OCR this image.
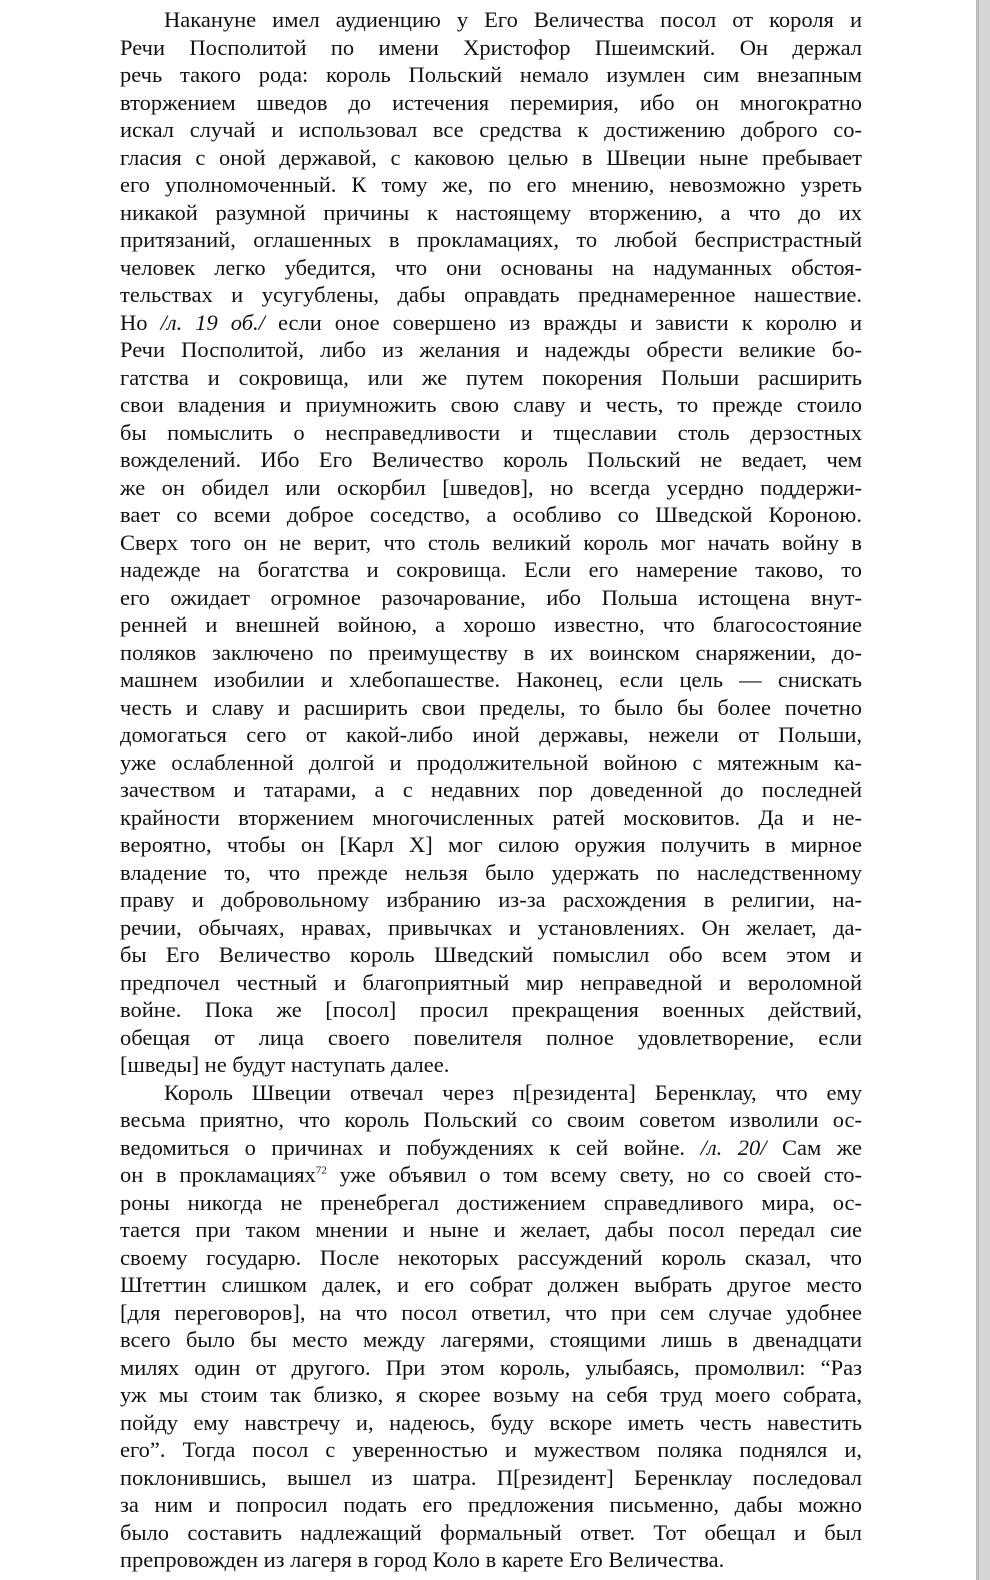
Накануне имел аудиенцию у Его Величества посол от короля и
Речи Посполитой по имени Христофор Пшеимский. Он держал
речь такого рода: король Польский немало изумлен сим внезапным
вторжением шведов до истечения перемирия, ибо он многократно
искал случай и использовал все средства к достижению доброго со-
гласия с оной державой, с каковою целью в Швеции ныне пребывает
его уполномоченный. К тому же, по его мнению, невозможно узреть
никакой разумной причины к настоящему вторжению, а что до их
притязаний, оглашенных в прокламациях, то любой беспристрастный
человек легко убедится, что они основаны на надуманных обстоя-
тельствах и усугублены, дабы оправдать преднамеренное нашествие.
Но /л. 19 об./ если оное совершено из вражды и зависти к королю и
Речи Посполитой, либо из желания и надежды обрести великие бо-
гатства и сокровища, или же путем покорения Польши расширить
свои владения и приумножить свою славу и честь, то прежде стоило
бы помыслить о несправедливости и тщеславии столь дерзостных
вожделений. Ибо Его Величество король Польский не ведает, чем
же он обидел или оскорбил [шведов], но всегда усердно поддержи-
вает со всеми доброе соседство, а особливо со Шведской Короною.
Сверх того он не верит, что столь великий король мог начать войну в
надежде на богатства и сокровища. Если его намерение таково, то
его ожидает огромное разочарование, ибо Польша истощена внут-
ренней и внешней войною, а хорошо известно, что благосостояние
поляков заключено по преимуществу в их воинском снаряжении, до-
машнем изобилии и хлебопашестве. Наконец, если цель — снискать
честь и славу и расширить свои пределы, то было бы более почетно
домогаться сего от какой-либо иной державы, нежели от Польши,
уже ослабленной долгой и продолжительной войною с мятежным ка-
зачеством и татарами, а с недавних пор доведенной до последней
крайности вторжением многочисленных ратей московитов. Да и не-
вероятно, чтобы он [Карл X] мог силою оружия получить в мирное
владение то, что прежде нельзя было удержать по наследственному
праву и добровольному избранию из-за расхождения в религии, на-
речии, обычаях, нравах, привычках и установлениях. Он желает, да-
бы Его Величество король Шведский помыслил обо всем этом и
предпочел честный и благоприятный мир неправедной и вероломной
войне. Пока же [посол] просил прекращения военных действий,
обещая от лица своего повелителя полное удовлетворение, если
[шведы] не будут наступать далее.
Король Швеции отвечал через п[резидента] Беренклау, что ему
весьма приятно, что король Польский со своим советом изволили ос-
ведомиться о причинах и побуждениях к сей войне. /л. 20/ Сам же
он в прокламациях$^{72}$ уже объявил о том всему свету, но со своей сто-
роны никогда не пренебрегал достижением справедливого мира, ос-
тается при таком мнении и ныне и желает, дабы посол передал сие
своему государю. После некоторых рассуждений король сказал, что
Штеттин слишком далек, и его собрат должен выбрать другое место
[для переговоров], на что посол ответил, что при сем случае удобнее
всего было бы место между лагерями, стоящими лишь в двенадцати
милях один от другого. При этом король, улыбаясь, промолвил: “Раз
уж мы стоим так близко, я скорее возьму на себя труд моего собрата,
пойду ему навстречу и, надеюсь, буду вскоре иметь честь навестить
его”. Тогда посол с уверенностью и мужеством поляка поднялся и,
поклонившись, вышел из шатра. П[резидент] Беренклау последовал
за ним и попросил подать его предложения письменно, дабы можно
было составить надлежащий формальный ответ. Тот обещал и был
препровожден из лагеря в город Коло в карете Его Величества.
